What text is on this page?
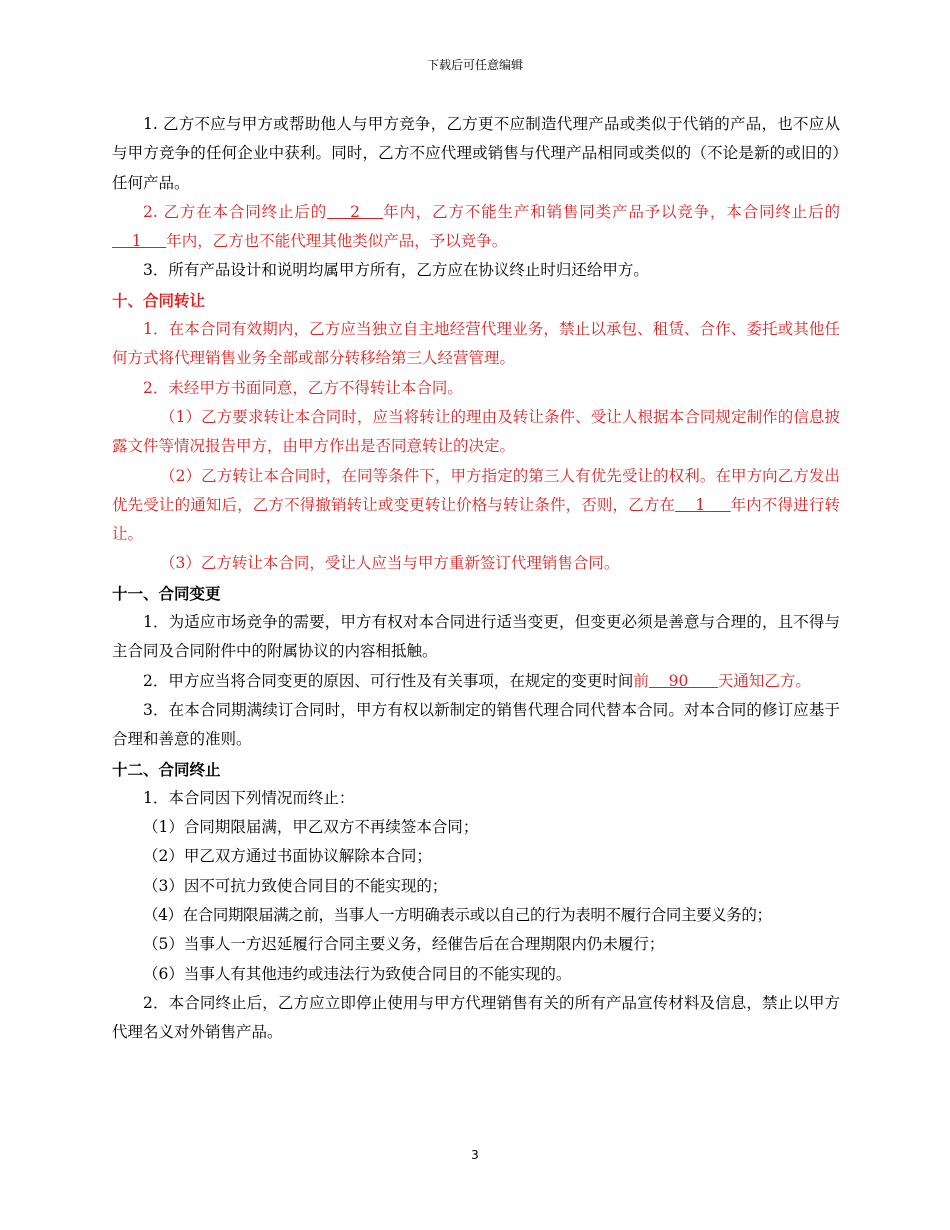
下载后可任意编辑

1. 乙方不应与甲方或帮助他人与甲方竞争，乙方更不应制造代理产品或类似于代销的产品，也不应从与甲方竞争的任何企业中获利。同时，乙方不应代理或销售与代理产品相同或类似的（不论是新的或旧的）任何产品。

2. 乙方在本合同终止后的    2    年内，乙方不能生产和销售同类产品予以竞争，本合同终止后的    1     年内，乙方也不能代理其他类似产品，予以竞争。

3．所有产品设计和说明均属甲方所有，乙方应在协议终止时归还给甲方。

十、合同转让

1．在本合同有效期内，乙方应当独立自主地经营代理业务，禁止以承包、租赁、合作、委托或其他任何方式将代理销售业务全部或部分转移给第三人经营管理。

2．未经甲方书面同意，乙方不得转让本合同。

（1）乙方要求转让本合同时，应当将转让的理由及转让条件、受让人根据本合同规定制作的信息披露文件等情况报告甲方，由甲方作出是否同意转让的决定。

（2）乙方转让本合同时，在同等条件下，甲方指定的第三人有优先受让的权利。在甲方向乙方发出优先受让的通知后，乙方不得撤销转让或变更转让价格与转让条件，否则，乙方在    1     年内不得进行转让。

（3）乙方转让本合同，受让人应当与甲方重新签订代理销售合同。

十一、合同变更

1．为适应市场竞争的需要，甲方有权对本合同进行适当变更，但变更必须是善意与合理的，且不得与主合同及合同附件中的附属协议的内容相抵触。

2．甲方应当将合同变更的原因、可行性及有关事项，在规定的变更时间前    90      天通知乙方。

3．在本合同期满续订合同时，甲方有权以新制定的销售代理合同代替本合同。对本合同的修订应基于合理和善意的准则。

十二、合同终止

1．本合同因下列情况而终止：

（1）合同期限届满，甲乙双方不再续签本合同；

（2）甲乙双方通过书面协议解除本合同；

（3）因不可抗力致使合同目的不能实现的；

（4）在合同期限届满之前，当事人一方明确表示或以自己的行为表明不履行合同主要义务的；

（5）当事人一方迟延履行合同主要义务，经催告后在合理期限内仍未履行；

（6）当事人有其他违约或违法行为致使合同目的不能实现的。

2．本合同终止后，乙方应立即停止使用与甲方代理销售有关的所有产品宣传材料及信息，禁止以甲方代理名义对外销售产品。

3
